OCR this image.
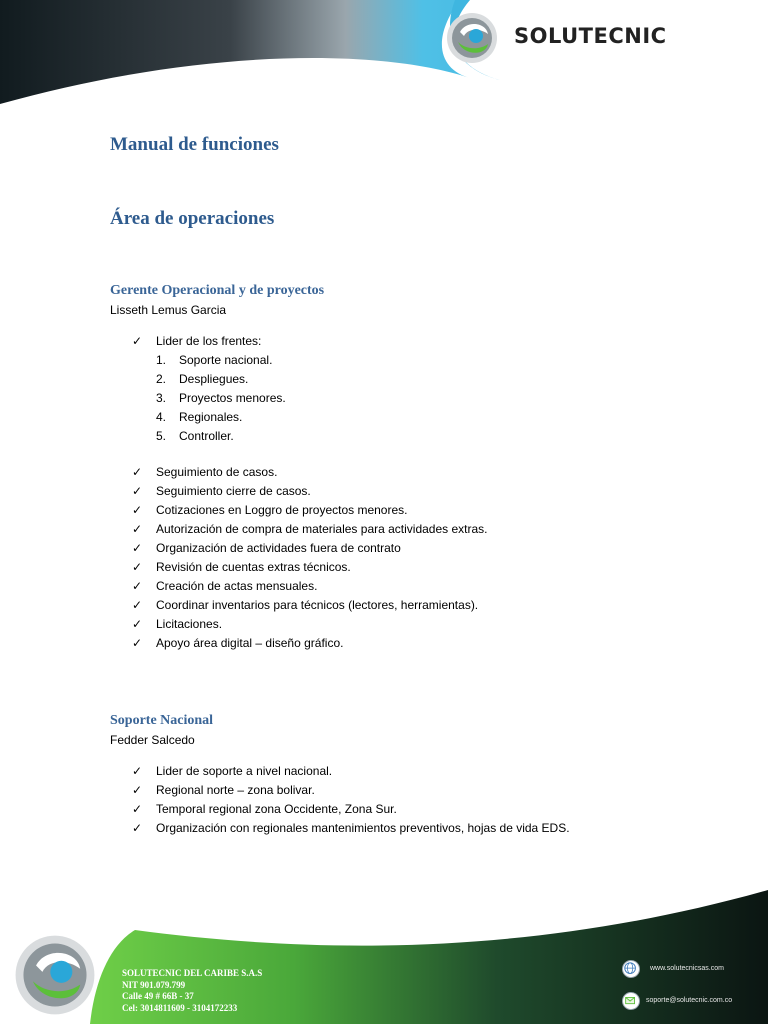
SOLUTECNIC
Manual de funciones
Área de operaciones
Gerente Operacional y de proyectos

Lisseth Lemus Garcia

✓ Lider de los frentes:
1. Soporte nacional.
2. Despliegues.
3. Proyectos menores.
4. Regionales.
5. Controller.
✓ Seguimiento de casos.
✓ Seguimiento cierre de casos.
✓ Cotizaciones en Loggro de proyectos menores.
✓ Autorización de compra de materiales para actividades extras.
✓ Organización de actividades fuera de contrato
✓ Revisión de cuentas extras técnicos.
✓ Creación de actas mensuales.
✓ Coordinar inventarios para técnicos (lectores, herramientas).
✓ Licitaciones.
✓ Apoyo área digital – diseño gráfico.
Soporte Nacional

Fedder Salcedo

✓ Lider de soporte a nivel nacional.
✓ Regional norte – zona bolivar.
✓ Temporal regional zona Occidente, Zona Sur.
✓ Organización con regionales mantenimientos preventivos, hojas de vida EDS.
SOLUTECNIC DEL CARIBE S.A.S
NIT 901.079.799
Calle 49 # 66B - 37
Cel: 3014811609 - 3104172233
www.solutecnicsas.com
soporte@solutecnic.com.co
